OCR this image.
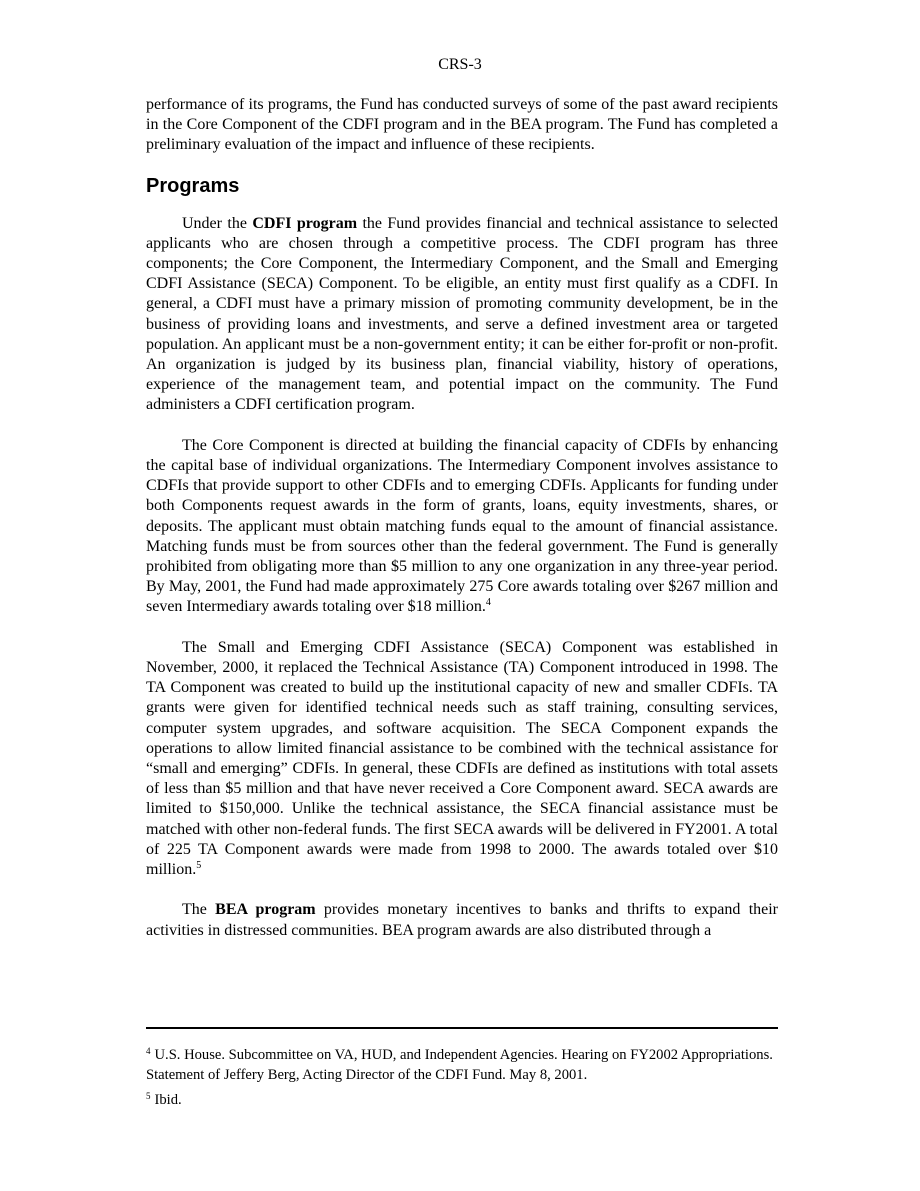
CRS-3

performance of its programs, the Fund has conducted surveys of some of the past award recipients in the Core Component of the CDFI program and in the BEA program. The Fund has completed a preliminary evaluation of the impact and influence of these recipients.

Programs

Under the CDFI program the Fund provides financial and technical assistance to selected applicants who are chosen through a competitive process. The CDFI program has three components; the Core Component, the Intermediary Component, and the Small and Emerging CDFI Assistance (SECA) Component. To be eligible, an entity must first qualify as a CDFI. In general, a CDFI must have a primary mission of promoting community development, be in the business of providing loans and investments, and serve a defined investment area or targeted population. An applicant must be a non-government entity; it can be either for-profit or non-profit. An organization is judged by its business plan, financial viability, history of operations, experience of the management team, and potential impact on the community. The Fund administers a CDFI certification program.

The Core Component is directed at building the financial capacity of CDFIs by enhancing the capital base of individual organizations. The Intermediary Component involves assistance to CDFIs that provide support to other CDFIs and to emerging CDFIs. Applicants for funding under both Components request awards in the form of grants, loans, equity investments, shares, or deposits. The applicant must obtain matching funds equal to the amount of financial assistance. Matching funds must be from sources other than the federal government. The Fund is generally prohibited from obligating more than $5 million to any one organization in any three-year period. By May, 2001, the Fund had made approximately 275 Core awards totaling over $267 million and seven Intermediary awards totaling over $18 million.$^4$

The Small and Emerging CDFI Assistance (SECA) Component was established in November, 2000, it replaced the Technical Assistance (TA) Component introduced in 1998. The TA Component was created to build up the institutional capacity of new and smaller CDFIs. TA grants were given for identified technical needs such as staff training, consulting services, computer system upgrades, and software acquisition. The SECA Component expands the operations to allow limited financial assistance to be combined with the technical assistance for “small and emerging” CDFIs. In general, these CDFIs are defined as institutions with total assets of less than $5 million and that have never received a Core Component award. SECA awards are limited to $150,000. Unlike the technical assistance, the SECA financial assistance must be matched with other non-federal funds. The first SECA awards will be delivered in FY2001. A total of 225 TA Component awards were made from 1998 to 2000. The awards totaled over $10 million.$^5$

The BEA program provides monetary incentives to banks and thrifts to expand their activities in distressed communities. BEA program awards are also distributed through a

$^4$ U.S. House. Subcommittee on VA, HUD, and Independent Agencies. Hearing on FY2002 Appropriations. Statement of Jeffery Berg, Acting Director of the CDFI Fund. May 8, 2001.

$^5$ Ibid.
